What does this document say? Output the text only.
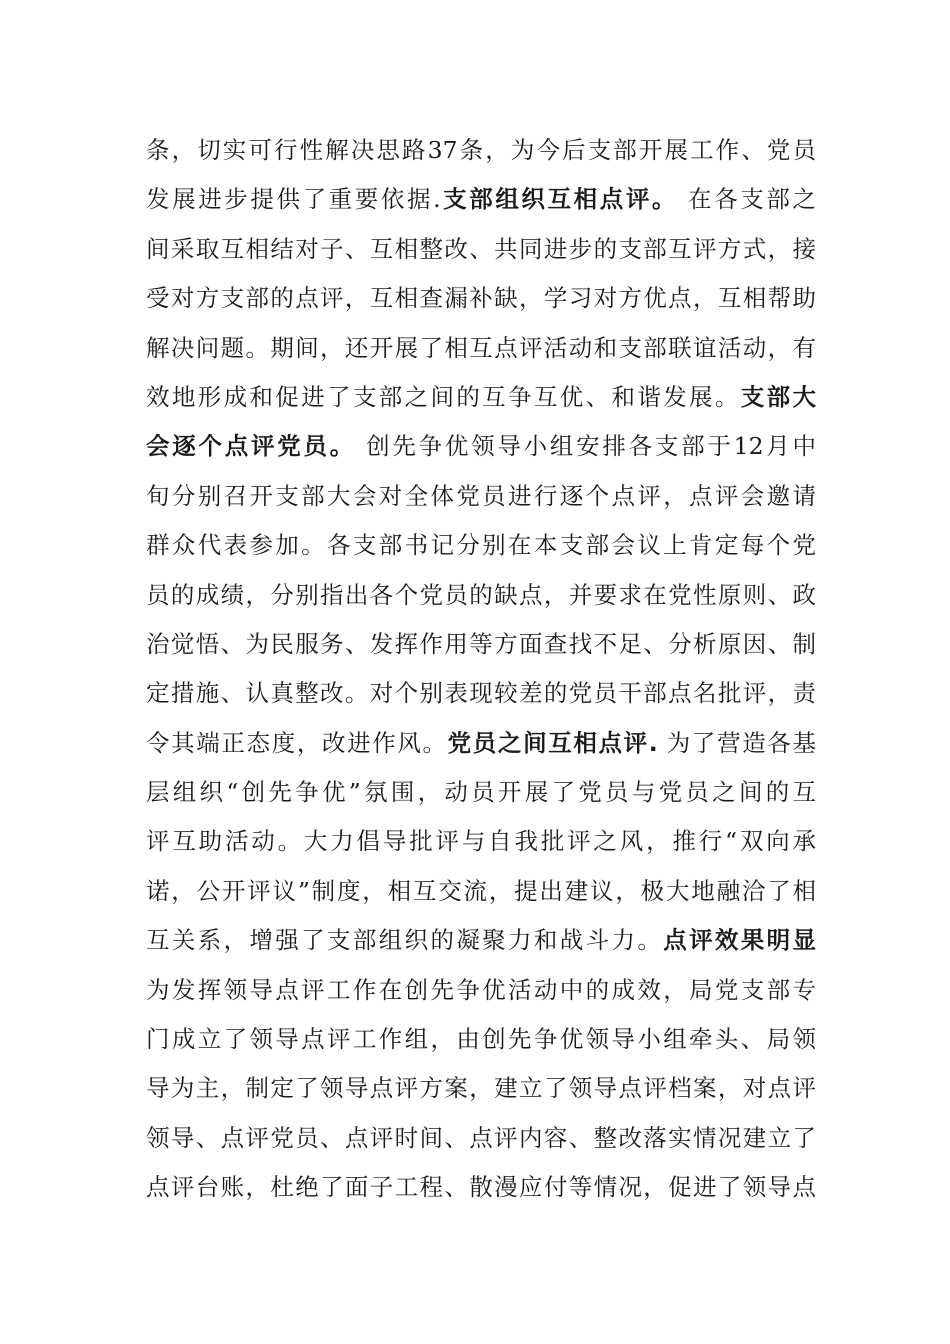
条，切实可行性解决思路37条，为今后支部开展工作、党员
发展进步提供了重要依据.支部组织互相点评。 在各支部之
间采取互相结对子、互相整改、共同进步的支部互评方式，接
受对方支部的点评，互相查漏补缺，学习对方优点，互相帮助
解决问题。期间，还开展了相互点评活动和支部联谊活动，有
效地形成和促进了支部之间的互争互优、和谐发展。支部大
会逐个点评党员。 创先争优领导小组安排各支部于12月中
旬分别召开支部大会对全体党员进行逐个点评，点评会邀请
群众代表参加。各支部书记分别在本支部会议上肯定每个党
员的成绩，分别指出各个党员的缺点，并要求在党性原则、政
治觉悟、为民服务、发挥作用等方面查找不足、分析原因、制
定措施、认真整改。对个别表现较差的党员干部点名批评，责
令其端正态度，改进作风。党员之间互相点评. 为了营造各基
层组织“创先争优”氛围，动员开展了党员与党员之间的互
评互助活动。大力倡导批评与自我批评之风，推行“双向承
诺，公开评议”制度，相互交流，提出建议，极大地融洽了相
互关系，增强了支部组织的凝聚力和战斗力。点评效果明显
为发挥领导点评工作在创先争优活动中的成效，局党支部专
门成立了领导点评工作组，由创先争优领导小组牵头、局领
导为主，制定了领导点评方案，建立了领导点评档案，对点评
领导、点评党员、点评时间、点评内容、整改落实情况建立了
点评台账，杜绝了面子工程、散漫应付等情况，促进了领导点
